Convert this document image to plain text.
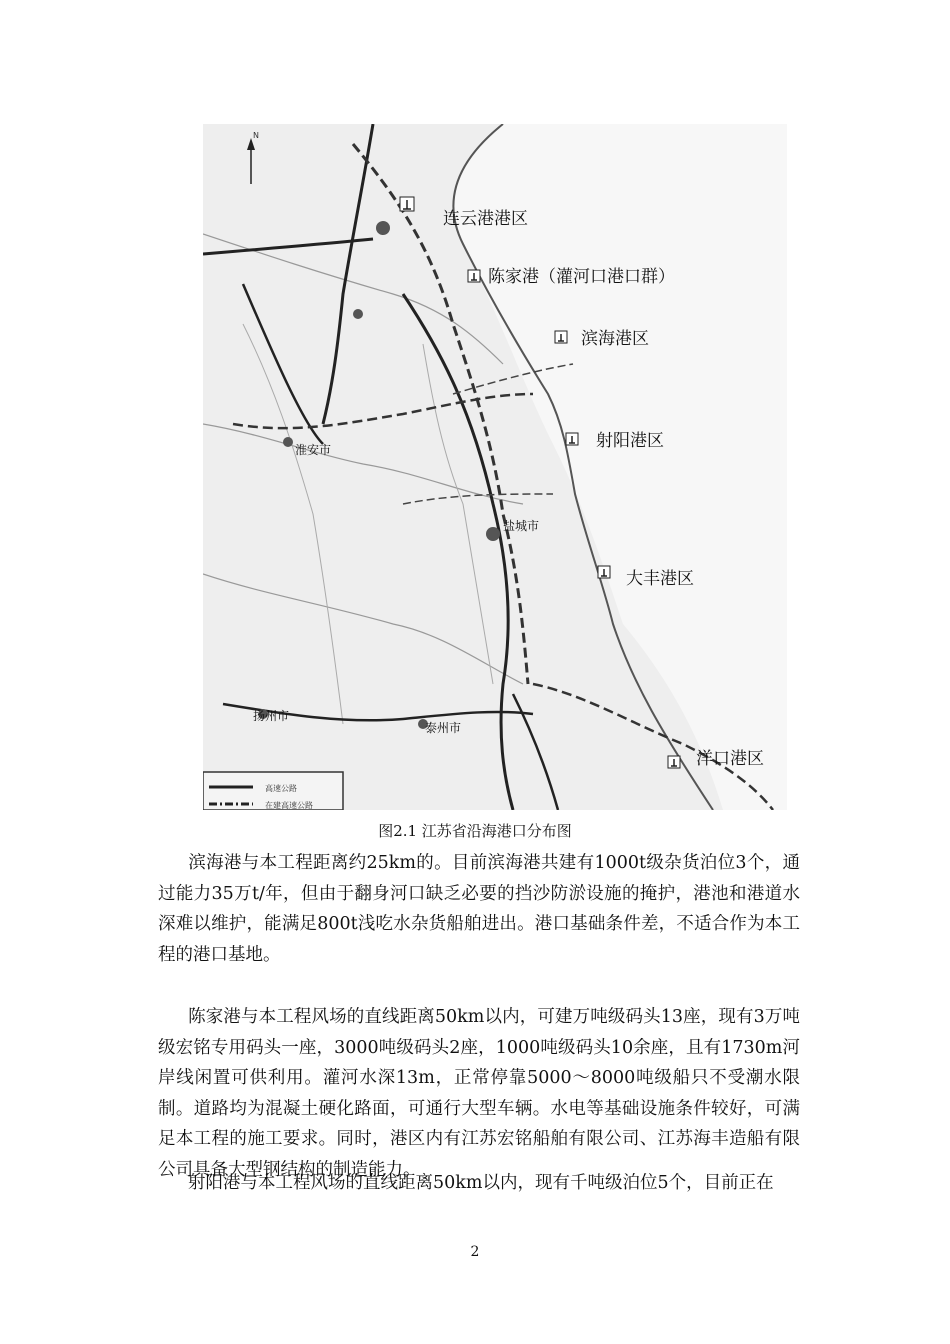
N
连云港港区
陈家港（灌河口港口群）
滨海港区
射阳港区
大丰港区
洋口港区
盐城市
淮安市
扬州市
泰州市
高速公路
在建高速公路
图2.1 江苏省沿海港口分布图

滨海港与本工程距离约25km的。目前滨海港共建有1000t级杂货泊位3个，通过能力35万t/年，但由于翻身河口缺乏必要的挡沙防淤设施的掩护，港池和港道水深难以维护，能满足800t浅吃水杂货船舶进出。港口基础条件差，不适合作为本工程的港口基地。

陈家港与本工程风场的直线距离50km以内，可建万吨级码头13座，现有3万吨级宏铭专用码头一座，3000吨级码头2座，1000吨级码头10余座，且有1730m河岸线闲置可供利用。灌河水深13m，正常停靠5000～8000吨级船只不受潮水限制。道路均为混凝土硬化路面，可通行大型车辆。水电等基础设施条件较好，可满足本工程的施工要求。同时，港区内有江苏宏铭船舶有限公司、江苏海丰造船有限公司具备大型钢结构的制造能力。

射阳港与本工程风场的直线距离50km以内，现有千吨级泊位5个，目前正在

2
